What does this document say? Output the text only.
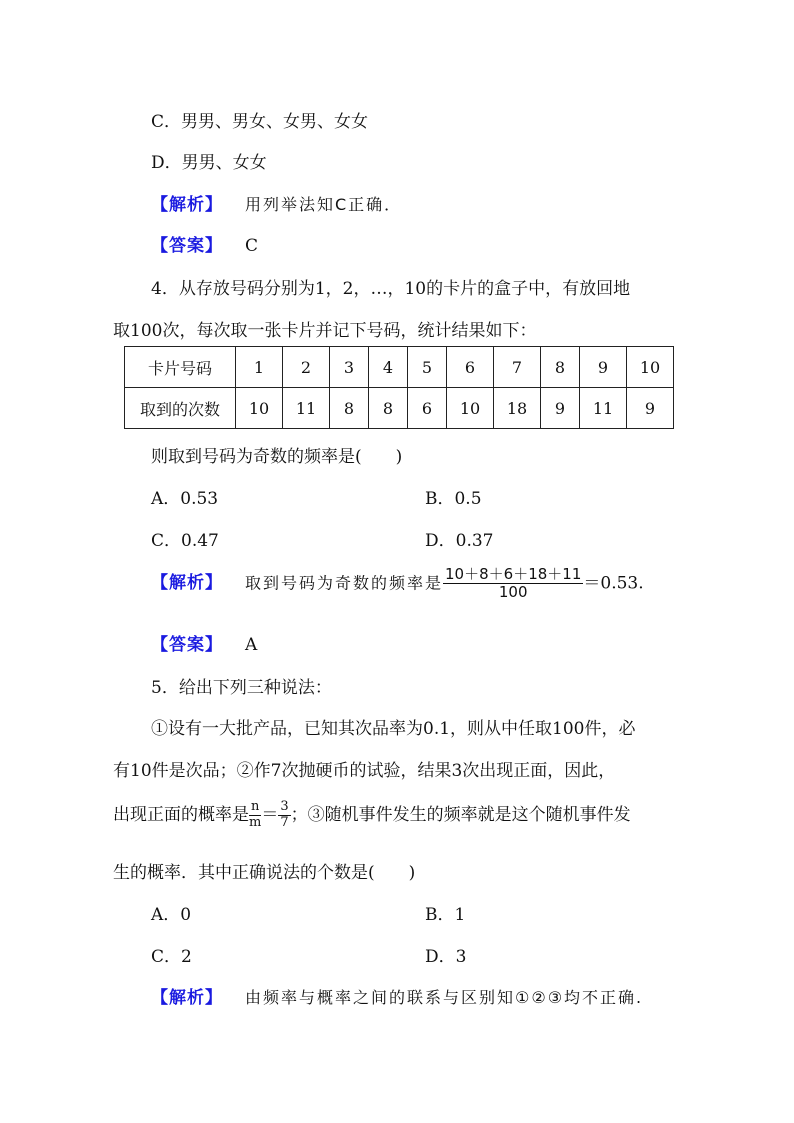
C．男男、男女、女男、女女
D．男男、女女
【解析】 用列举法知C正确．
【答案】 C
4．从存放号码分别为1，2，…，10的卡片的盒子中，有放回地
取100次，每次取一张卡片并记下号码，统计结果如下：
卡片号码	1	2	3	4	5	6	7	8	9	10
取到的次数	10	11	8	8	6	10	18	9	11	9
则取到号码为奇数的频率是(　　)
A．0.53	B．0.5
C．0.47	D．0.37
【解析】 取到号码为奇数的频率是 $\frac{10+8+6+18+11}{100} =0.53$.
【答案】 A
5．给出下列三种说法：
①设有一大批产品，已知其次品率为0.1，则从中任取100件，必
有10件是次品；②作7次抛硬币的试验，结果3次出现正面，因此，
出现正面的概率是 $\frac{n}{m} = \frac{3}{7}$ ；③随机事件发生的频率就是这个随机事件发
生的概率．其中正确说法的个数是(　　)
A．0	B．1
C．2	D．3
【解析】 由频率与概率之间的联系与区别知①②③均不正确.
